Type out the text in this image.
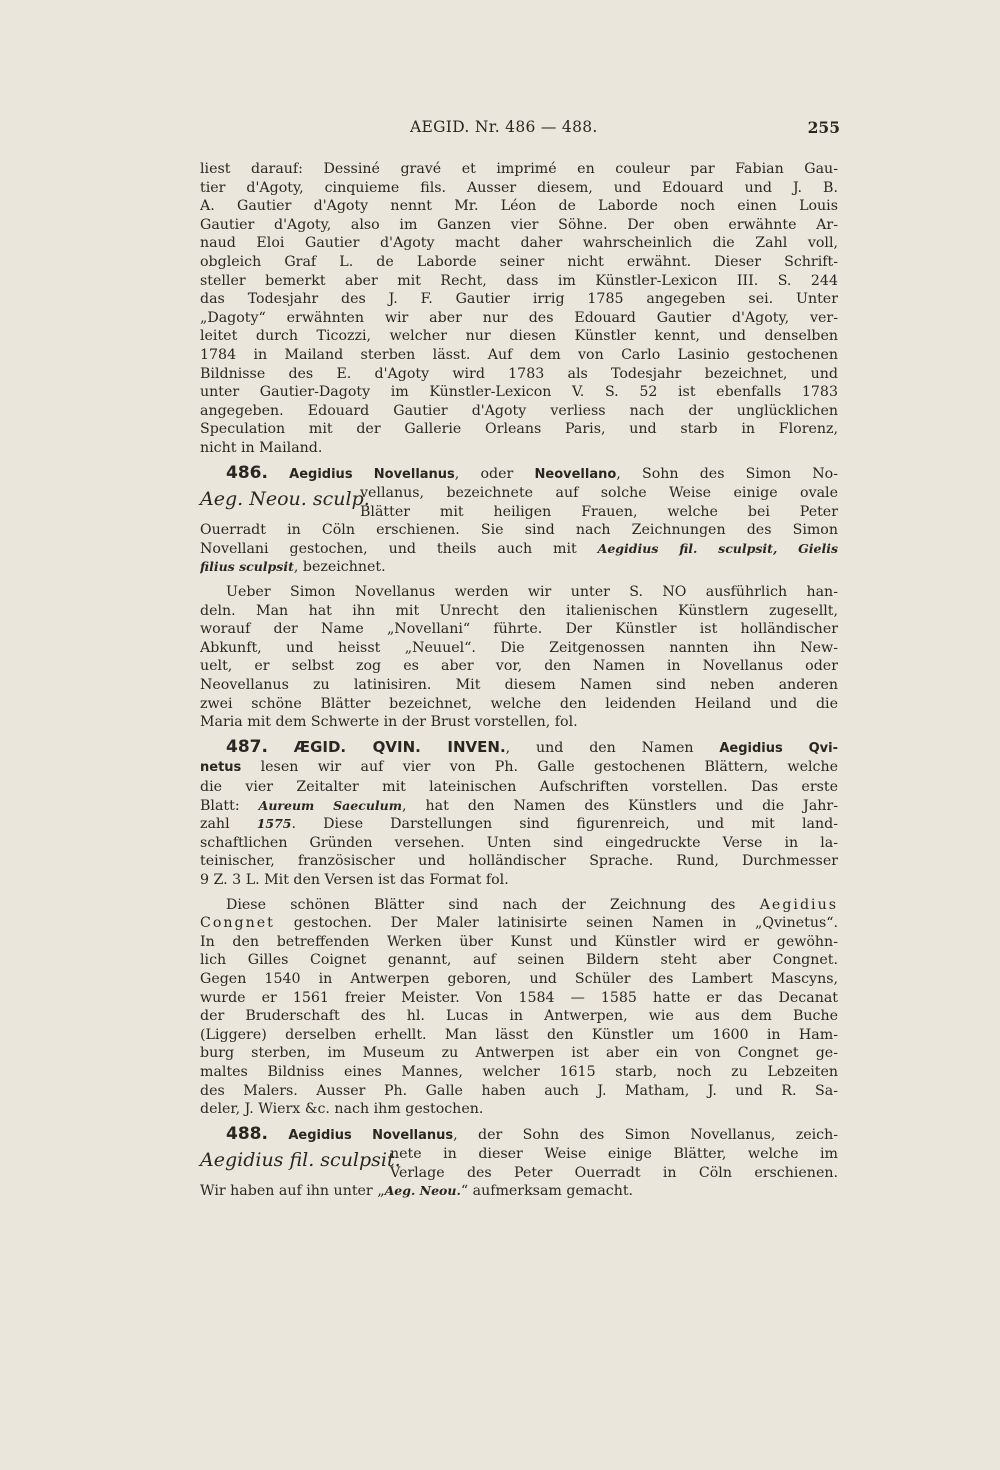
AEGID. Nr. 486 — 488.	255
liest darauf: Dessiné gravé et imprimé en couleur par Fabian Gau-
tier d'Agoty, cinquieme fils. Ausser diesem, und Edouard und J. B.
A. Gautier d'Agoty nennt Mr. Léon de Laborde noch einen Louis
Gautier d'Agoty, also im Ganzen vier Söhne. Der oben erwähnte Ar-
naud Eloi Gautier d'Agoty macht daher wahrscheinlich die Zahl voll,
obgleich Graf L. de Laborde seiner nicht erwähnt. Dieser Schrift-
steller bemerkt aber mit Recht, dass im Künstler-Lexicon III. S. 244
das Todesjahr des J. F. Gautier irrig 1785 angegeben sei. Unter
„Dagoty“ erwähnten wir aber nur des Edouard Gautier d'Agoty, ver-
leitet durch Ticozzi, welcher nur diesen Künstler kennt, und denselben
1784 in Mailand sterben lässt. Auf dem von Carlo Lasinio gestochenen
Bildnisse des E. d'Agoty wird 1783 als Todesjahr bezeichnet, und
unter Gautier-Dagoty im Künstler-Lexicon V. S. 52 ist ebenfalls 1783
angegeben. Edouard Gautier d'Agoty verliess nach der unglücklichen
Speculation mit der Gallerie Orleans Paris, und starb in Florenz,
nicht in Mailand.
486. Aegidius Novellanus, oder Neovellano, Sohn des Simon No-
Aeg. Neou. sculp.
vellanus, bezeichnete auf solche Weise einige ovale
Blätter mit heiligen Frauen, welche bei Peter
Ouerradt in Cöln erschienen. Sie sind nach Zeichnungen des Simon
Novellani gestochen, und theils auch mit Aegidius fil. sculpsit, Gielis
filius sculpsit, bezeichnet.
Ueber Simon Novellanus werden wir unter S. NO ausführlich han-
deln. Man hat ihn mit Unrecht den italienischen Künstlern zugesellt,
worauf der Name „Novellani“ führte. Der Künstler ist holländischer
Abkunft, und heisst „Neuuel“. Die Zeitgenossen nannten ihn New-
uelt, er selbst zog es aber vor, den Namen in Novellanus oder
Neovellanus zu latinisiren. Mit diesem Namen sind neben anderen
zwei schöne Blätter bezeichnet, welche den leidenden Heiland und die
Maria mit dem Schwerte in der Brust vorstellen, fol.
487. ÆGID. QVIN. INVEN., und den Namen Aegidius Qvi-
netus lesen wir auf vier von Ph. Galle gestochenen Blättern, welche
die vier Zeitalter mit lateinischen Aufschriften vorstellen. Das erste
Blatt: Aureum Saeculum, hat den Namen des Künstlers und die Jahr-
zahl 1575. Diese Darstellungen sind figurenreich, und mit land-
schaftlichen Gründen versehen. Unten sind eingedruckte Verse in la-
teinischer, französischer und holländischer Sprache. Rund, Durchmesser
9 Z. 3 L. Mit den Versen ist das Format fol.
Diese schönen Blätter sind nach der Zeichnung des Aegidius
Congnet gestochen. Der Maler latinisirte seinen Namen in „Qvinetus“.
In den betreffenden Werken über Kunst und Künstler wird er gewöhn-
lich Gilles Coignet genannt, auf seinen Bildern steht aber Congnet.
Gegen 1540 in Antwerpen geboren, und Schüler des Lambert Mascyns,
wurde er 1561 freier Meister. Von 1584 — 1585 hatte er das Decanat
der Bruderschaft des hl. Lucas in Antwerpen, wie aus dem Buche
(Liggere) derselben erhellt. Man lässt den Künstler um 1600 in Ham-
burg sterben, im Museum zu Antwerpen ist aber ein von Congnet ge-
maltes Bildniss eines Mannes, welcher 1615 starb, noch zu Lebzeiten
des Malers. Ausser Ph. Galle haben auch J. Matham, J. und R. Sa-
deler, J. Wierx &c. nach ihm gestochen.
488. Aegidius Novellanus, der Sohn des Simon Novellanus, zeich-
Aegidius fil. sculpsit.
nete in dieser Weise einige Blätter, welche im
Verlage des Peter Ouerradt in Cöln erschienen.
Wir haben auf ihn unter „Aeg. Neou.“ aufmerksam gemacht.
